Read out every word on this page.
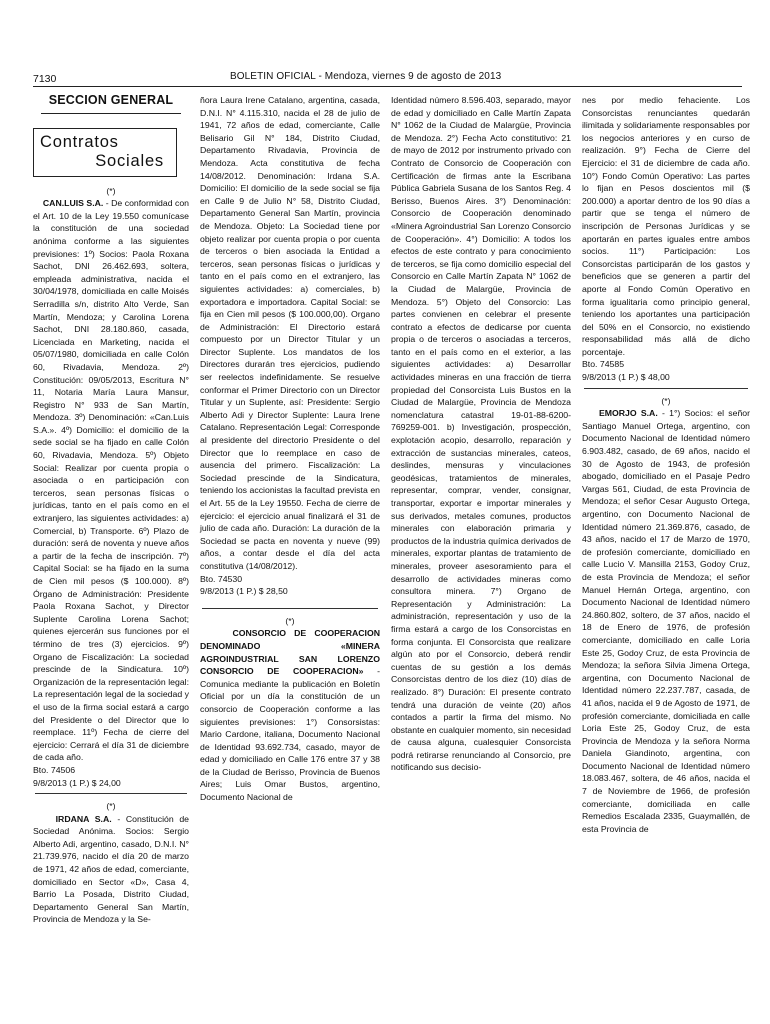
7130	BOLETIN OFICIAL - Mendoza, viernes 9 de agosto de 2013
SECCION GENERAL
Contratos
Sociales
(*)

CAN.LUIS S.A. - De conformidad con el Art. 10 de la Ley 19.550 comunícase la constitución de una sociedad anónima conforme a las siguientes previsiones: 1º) Socios: Paola Roxana Sachot, DNI 26.462.693, soltera, empleada administrativa, nacida el 30/04/1978, domiciliada en calle Moisés Serradilla s/n, distrito Alto Verde, San Martín, Mendoza; y Carolina Lorena Sachot, DNI 28.180.860, casada, Licenciada en Marketing, nacida el 05/07/1980, domiciliada en calle Colón 60, Rivadavia, Mendoza. 2º) Constitución: 09/05/2013, Escritura N° 11, Notaria María Laura Mansur, Registro N° 933 de San Martín, Mendoza. 3º) Denominación: «Can.Luis S.A.». 4º) Domicilio: el domicilio de la sede social se ha fijado en calle Colón 60, Rivadavia, Mendoza. 5º) Objeto Social: Realizar por cuenta propia o asociada o en participación con terceros, sean personas físicas o jurídicas, tanto en el país como en el extranjero, las siguientes actividades: a) Comercial, b) Transporte. 6º) Plazo de duración: será de noventa y nueve años a partir de la fecha de inscripción. 7º) Capital Social: se ha fijado en la suma de Cien mil pesos ($ 100.000). 8º) Órgano de Administración: Presidente Paola Roxana Sachot, y Director Suplente Carolina Lorena Sachot; quienes ejercerán sus funciones por el término de tres (3) ejercicios. 9º) Organo de Fiscalización: La sociedad prescinde de la Sindicatura. 10º) Organización de la representación legal: La representación legal de la sociedad y el uso de la firma social estará a cargo del Presidente o del Director que lo reemplace. 11º) Fecha de cierre del ejercicio: Cerrará el día 31 de diciembre de cada año.

Bto. 74506

9/8/2013 (1 P.) $ 24,00

(*)

IRDANA S.A. - Constitución de Sociedad Anónima. Socios: Sergio Alberto Adi, argentino, casado, D.N.I. N° 21.739.976, nacido el día 20 de marzo de 1971, 42 años de edad, comerciante, domiciliado en Sector «D», Casa 4, Barrio La Posada, Distrito Ciudad, Departamento General San Martín, Provincia de Mendoza y la Se-

ñora Laura Irene Catalano, argentina, casada, D.N.I. N° 4.115.310, nacida el 28 de julio de 1941, 72 años de edad, comerciante, Calle Belisario Gil N° 184, Distrito Ciudad, Departamento Rivadavia, Provincia de Mendoza. Acta constitutiva de fecha 14/08/2012. Denominación: Irdana S.A. Domicilio: El domicilio de la sede social se fija en Calle 9 de Julio N° 58, Distrito Ciudad, Departamento General San Martín, provincia de Mendoza. Objeto: La Sociedad tiene por objeto realizar por cuenta propia o por cuenta de terceros o bien asociada la Entidad a terceros, sean personas físicas o jurídicas y tanto en el país como en el extranjero, las siguientes actividades: a) comerciales, b) exportadora e importadora. Capital Social: se fija en Cien mil pesos ($ 100.000,00). Organo de Administración: El Directorio estará compuesto por un Director Titular y un Director Suplente. Los mandatos de los Directores durarán tres ejercicios, pudiendo ser reelectos indefinidamente. Se resuelve conformar el Primer Directorio con un Director Titular y un Suplente, así: Presidente: Sergio Alberto Adi y Director Suplente: Laura Irene Catalano. Representación Legal: Corresponde al presidente del directorio Presidente o del Director que lo reemplace en caso de ausencia del primero. Fiscalización: La Sociedad prescinde de la Sindicatura, teniendo los accionistas la facultad prevista en el Art. 55 de la Ley 19550. Fecha de cierre de ejercicio: el ejercicio anual finalizará el 31 de julio de cada año. Duración: La duración de la Sociedad se pacta en noventa y nueve (99) años, a contar desde el día del acta constitutiva (14/08/2012).

Bto. 74530

9/8/2013 (1 P.) $ 28,50

(*)

CONSORCIO DE COOPERACION DENOMINADO «MINERA AGROINDUSTRIAL SAN LORENZO CONSORCIO DE COOPERACION» - Comunica mediante la publicación en Boletín Oficial por un día la constitución de un consorcio de Cooperación conforme a las siguientes previsiones: 1°) Consorsistas: Mario Cardone, italiana, Documento Nacional de Identidad 93.692.734, casado, mayor de edad y domiciliado en Calle 176 entre 37 y 38 de la Ciudad de Berisso, Provincia de Buenos Aires; Luis Omar Bustos, argentino, Documento Nacional de

Identidad número 8.596.403, separado, mayor de edad y domiciliado en Calle Martín Zapata N° 1062 de la Ciudad de Malargüe, Provincia de Mendoza. 2°) Fecha Acto constitutivo: 21 de mayo de 2012 por instrumento privado con Contrato de Consorcio de Cooperación con Certificación de firmas ante la Escribana Pública Gabriela Susana de los Santos Reg. 4 Berisso, Buenos Aires. 3°) Denominación: Consorcio de Cooperación denominado «Minera Agroindustrial San Lorenzo Consorcio de Cooperación». 4°) Domicilio: A todos los efectos de este contrato y para conocimiento de terceros, se fija como domicilio especial del Consorcio en Calle Martín Zapata N° 1062 de la Ciudad de Malargüe, Provincia de Mendoza. 5°) Objeto del Consorcio: Las partes convienen en celebrar el presente contrato a efectos de dedicarse por cuenta propia o de terceros o asociadas a terceros, tanto en el país como en el exterior, a las siguientes actividades: a) Desarrollar actividades mineras en una fracción de tierra propiedad del Consorcista Luis Bustos en la Ciudad de Malargüe, Provincia de Mendoza nomenclatura catastral 19-01-88-6200-769259-001. b) Investigación, prospección, explotación acopio, desarrollo, reparación y extracción de sustancias minerales, cateos, deslindes, mensuras y vinculaciones geodésicas, tratamientos de minerales, representar, comprar, vender, consignar, transportar, exportar e importar minerales y sus derivados, metales comunes, productos minerales con elaboración primaria y productos de la industria química derivados de minerales, exportar plantas de tratamiento de minerales, proveer asesoramiento para el desarrollo de actividades mineras como consultora minera. 7°) Organo de Representación y Administración: La administración, representación y uso de la firma estará a cargo de los Consorcistas en forma conjunta. El Consorcista que realizare algún ato por el Consorcio, deberá rendir cuentas de su gestión a los demás Consorcistas dentro de los diez (10) días de realizado. 8°) Duración: El presente contrato tendrá una duración de veinte (20) años contados a partir la firma del mismo. No obstante en cualquier momento, sin necesidad de causa alguna, cualesquier Consorcista podrá retirarse renunciando al Consorcio, pre notificando sus decisio-

nes por medio fehaciente. Los Consorcistas renunciantes quedarán ilimitada y solidariamente responsables por los negocios anteriores y en curso de realización. 9°) Fecha de Cierre del Ejercicio: el 31 de diciembre de cada año. 10°) Fondo Común Operativo: Las partes lo fijan en Pesos doscientos mil ($ 200.000) a aportar dentro de los 90 días a partir que se tenga el número de inscripción de Personas Jurídicas y se aportarán en partes iguales entre ambos socios. 11°) Participación: Los Consorcistas participarán de los gastos y beneficios que se generen a partir del aporte al Fondo Común Operativo en forma igualitaria como principio general, teniendo los aportantes una participación del 50% en el Consorcio, no existiendo responsabilidad más allá de dicho porcentaje.

Bto. 74585

9/8/2013 (1 P.) $ 48,00

(*)

EMORJO S.A. - 1°) Socios: el señor Santiago Manuel Ortega, argentino, con Documento Nacional de Identidad número 6.903.482, casado, de 69 años, nacido el 30 de Agosto de 1943, de profesión abogado, domiciliado en el Pasaje Pedro Vargas 561, Ciudad, de esta Provincia de Mendoza; el señor Cesar Augusto Ortega, argentino, con Documento Nacional de Identidad número 21.369.876, casado, de 43 años, nacido el 17 de Marzo de 1970, de profesión comerciante, domiciliado en calle Lucio V. Mansilla 2153, Godoy Cruz, de esta Provincia de Mendoza; el señor Manuel Hernán Ortega, argentino, con Documento Nacional de Identidad número 24.860.802, soltero, de 37 años, nacido el 18 de Enero de 1976, de profesión comerciante, domiciliado en calle Loria Este 25, Godoy Cruz, de esta Provincia de Mendoza; la señora Silvia Jimena Ortega, argentina, con Documento Nacional de Identidad número 22.237.787, casada, de 41 años, nacida el 9 de Agosto de 1971, de profesión comerciante, domiciliada en calle Loria Este 25, Godoy Cruz, de esta Provincia de Mendoza y la señora Norma Daniela Giandinoto, argentina, con Documento Nacional de Identidad número 18.083.467, soltera, de 46 años, nacida el 7 de Noviembre de 1966, de profesión comerciante, domiciliada en calle Remedios Escalada 2335, Guaymallén, de esta Provincia de
